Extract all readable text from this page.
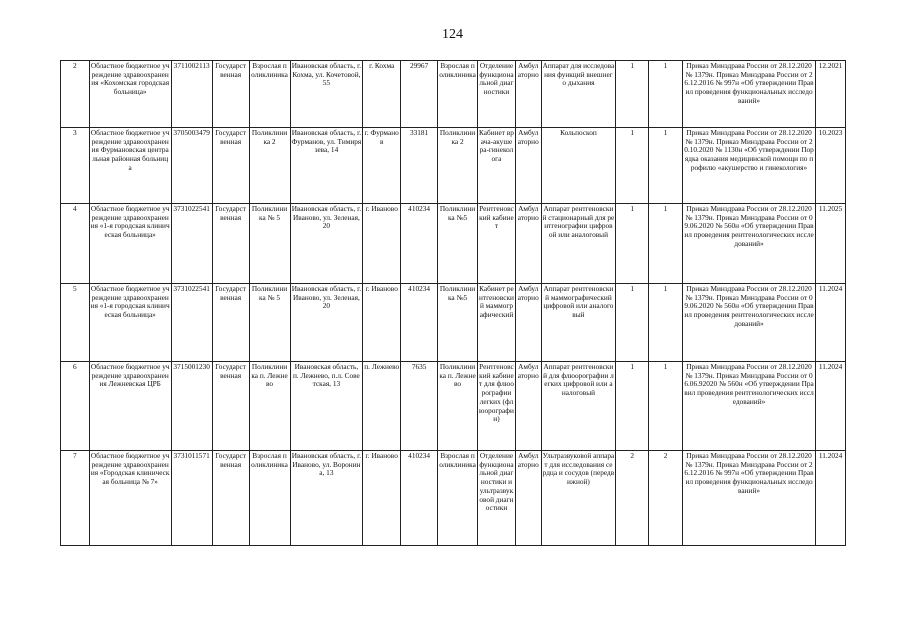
124
2	Областное бюджетное учреждение здравоохранения «Кохомская городская больница»	3711002113	Государственная	Взрослая поликлиника	Ивановская область, г. Кохма, ул. Кочетовой, 55	г. Кохма	29967	Взрослая поликлиника	Отделение функциональной диагностики	Амбулаторно	Аппарат для исследования функций внешнего дыхания	1	1	Приказ Минздрава России от 28.12.2020 № 1379н. Приказ Минздрава России от 26.12.2016 № 997н «Об утверждении Правил проведения функциональных исследований»	12.2021
3	Областное бюджетное учреждение здравоохранения Фурмановская центральная районная больница	3705003479	Государственная	Поликлиника 2	Ивановская область, г. Фурманов, ул. Тимирязева, 14	г. Фурманов	33181	Поликлиника 2	Кабинет врача-акушера-гинеколога	Амбулаторно	Кольпоскоп	1	1	Приказ Минздрава России от 28.12.2020 № 1379н. Приказ Минздрава России от 20.10.2020 № 1130н «Об утверждении Порядка оказания медицинской помощи по профилю «акушерство и гинекология»	10.2023
4	Областное бюджетное учреждение здравоохранения «1-я городская клиническая больница»	3731022541	Государственная	Поликлиника № 5	Ивановская область, г. Иваново, ул. Зеленая, 20	г. Иваново	410234	Поликлиника №5	Рентгеновский кабинет	Амбулаторно	Аппарат рентгеновский стационарный для рентгенографии цифровой или аналоговый	1	1	Приказ Минздрава России от 28.12.2020 № 1379н. Приказ Минздрава России от 09.06.2020 № 560н «Об утверждении Правил проведения рентгенологических исследований»	11.2025
5	Областное бюджетное учреждение здравоохранения «1-я городская клиническая больница»	3731022541	Государственная	Поликлиника № 5	Ивановская область, г. Иваново, ул. Зеленая, 20	г. Иваново	410234	Поликлиника №5	Кабинет рентгеновский маммографический	Амбулаторно	Аппарат рентгеновский маммографический цифровой или аналоговый	1	1	Приказ Минздрава России от 28.12.2020 № 1379н. Приказ Минздрава России от 09.06.2020 № 560н «Об утверждении Правил проведения рентгенологических исследований»	11.2024
6	Областное бюджетное учреждение здравоохранения Лежневская ЦРБ	3715001230	Государственная	Поликлиника п. Лежнево	Ивановская область, п. Лежнево, п.л. Советская, 13	п. Лежнево	7635	Поликлиника п. Лежнево	Рентгеновский кабинет для флюорографии легких (флюорографии)	Амбулаторно	Аппарат рентгеновский для флюорографии легких цифровой или аналоговый	1	1	Приказ Минздрава России от 28.12.2020 № 1379н. Приказ Минздрава России от 06.06.92020 № 560н «Об утверждении Правил проведения рентгенологических исследований»	11.2024
7	Областное бюджетное учреждение здравоохранения «Городская клиническая больница № 7»	3731011571	Государственная	Взрослая поликлиника	Ивановская область, г. Иваново, ул. Воронина, 13	г. Иваново	410234	Взрослая поликлиника	Отделение функциональной диагностики и ультразвуковой диагностики	Амбулаторно	Ультразвуковой аппарат для исследования сердца и сосудов (передвижной)	2	2	Приказ Минздрава России от 28.12.2020 № 1379н. Приказ Минздрава России от 26.12.2016 № 997н «Об утверждении Правил проведения функциональных исследований»	11.2024
